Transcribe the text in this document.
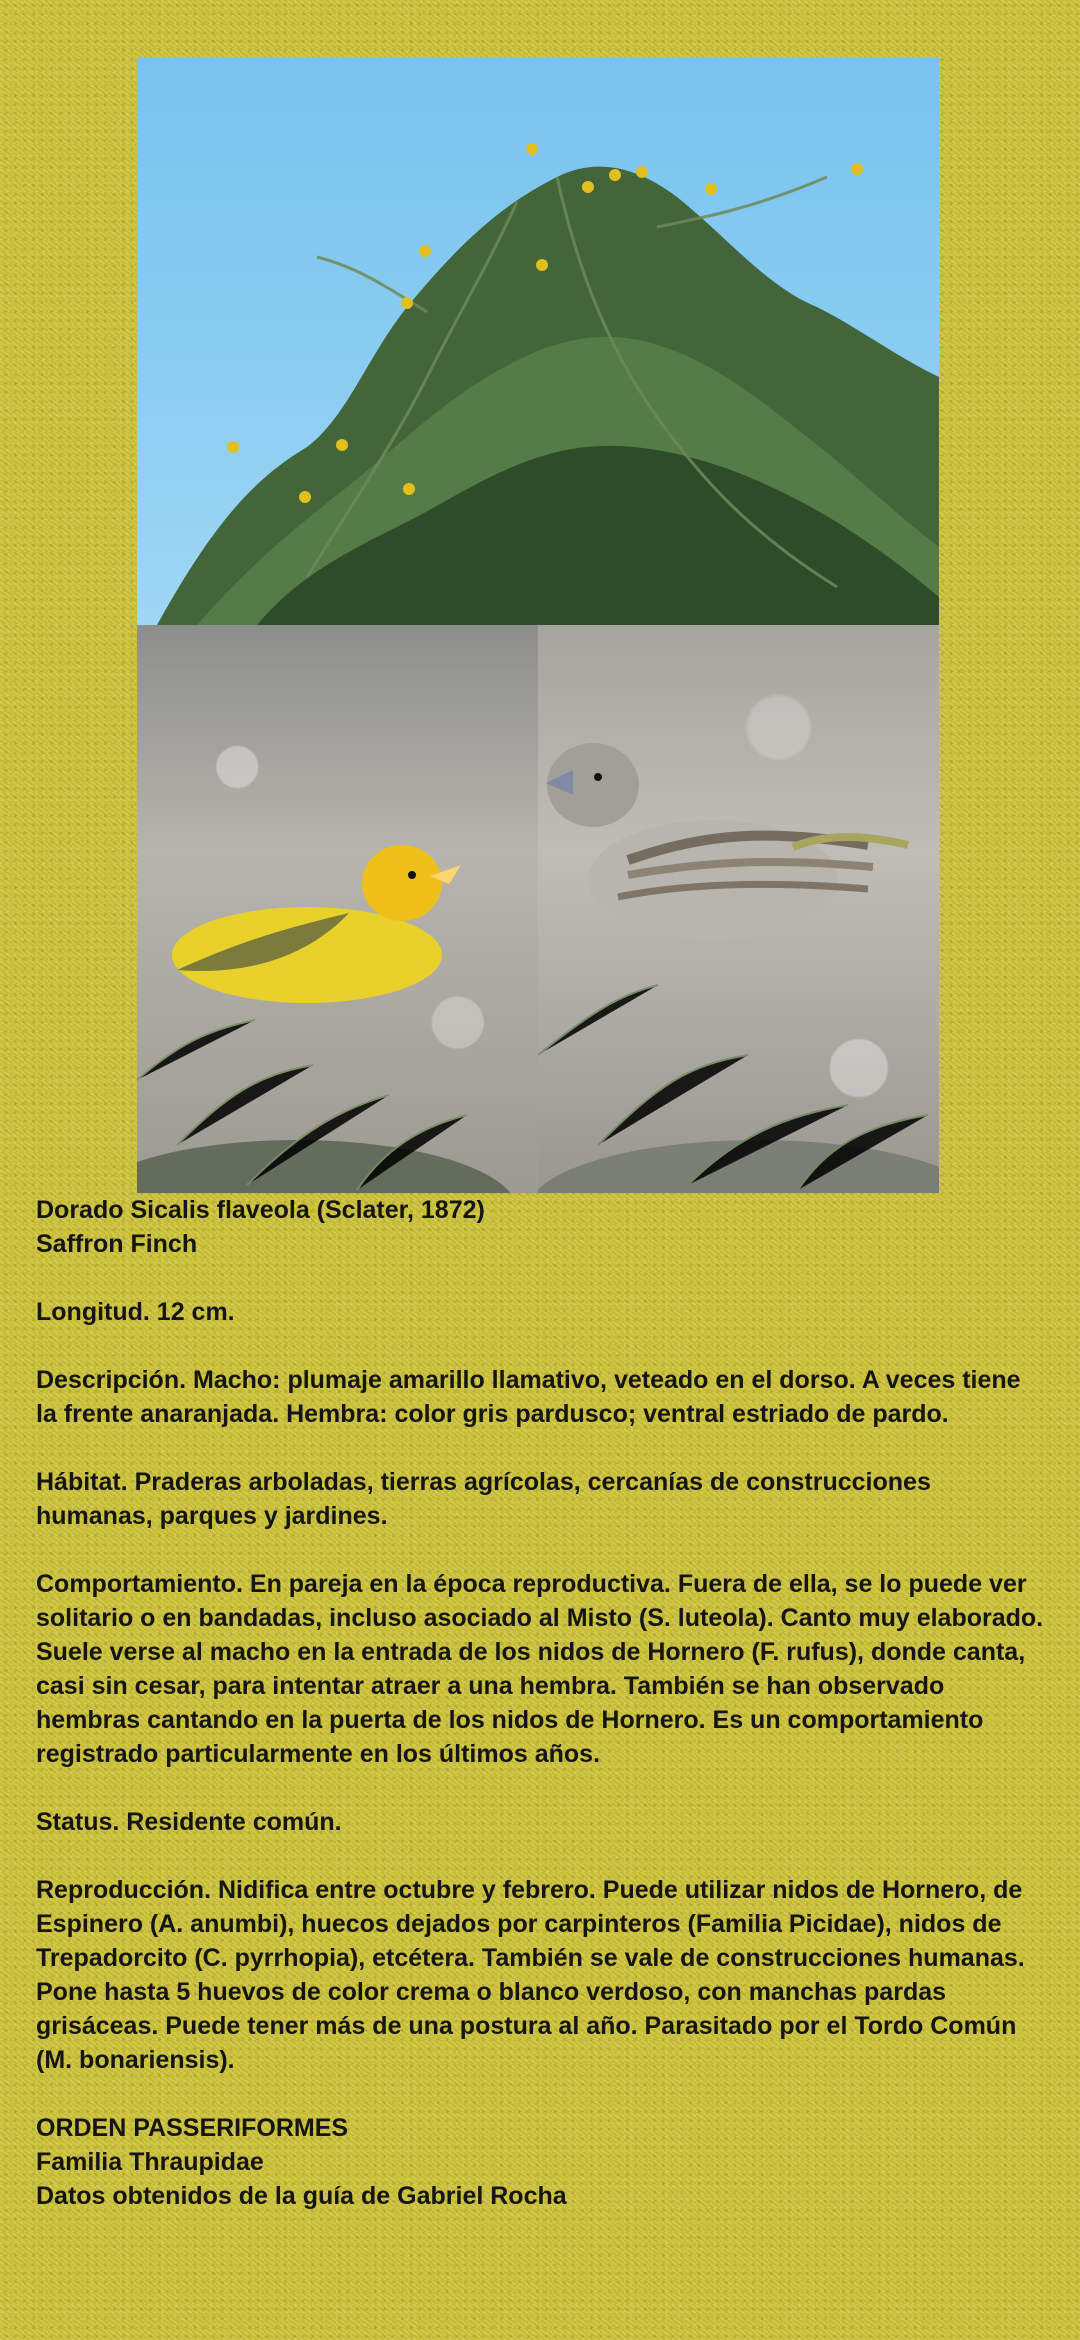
Dorado Sicalis flaveola (Sclater, 1872)

Saffron Finch

Longitud. 12 cm.

Descripción. Macho: plumaje amarillo llamativo, veteado en el dorso. A veces tiene la frente anaranjada. Hembra: color gris pardusco; ventral estriado de pardo.

Hábitat. Praderas arboladas, tierras agrícolas, cercanías de construcciones humanas, parques y jardines.

Comportamiento. En pareja en la época reproductiva. Fuera de ella, se lo puede ver solitario o en bandadas, incluso asociado al Misto (S. luteola). Canto muy elaborado. Suele verse al macho en la entrada de los nidos de Hornero (F. rufus), donde canta, casi sin cesar, para intentar atraer a una hembra. También se han observado hembras cantando en la puerta de los nidos de Hornero. Es un comportamiento registrado particularmente en los últimos años.

Status. Residente común.

Reproducción. Nidifica entre octubre y febrero. Puede utilizar nidos de Hornero, de Espinero (A. anumbi), huecos dejados por carpinteros (Familia Picidae), nidos de Trepadorcito (C. pyrrhopia), etcétera. También se vale de construcciones humanas. Pone hasta 5 huevos de color crema o blanco verdoso, con manchas pardas grisáceas. Puede tener más de una postura al año. Parasitado por el Tordo Común (M. bonariensis).

ORDEN PASSERIFORMES

Familia Thraupidae

Datos obtenidos de la guía de Gabriel Rocha
